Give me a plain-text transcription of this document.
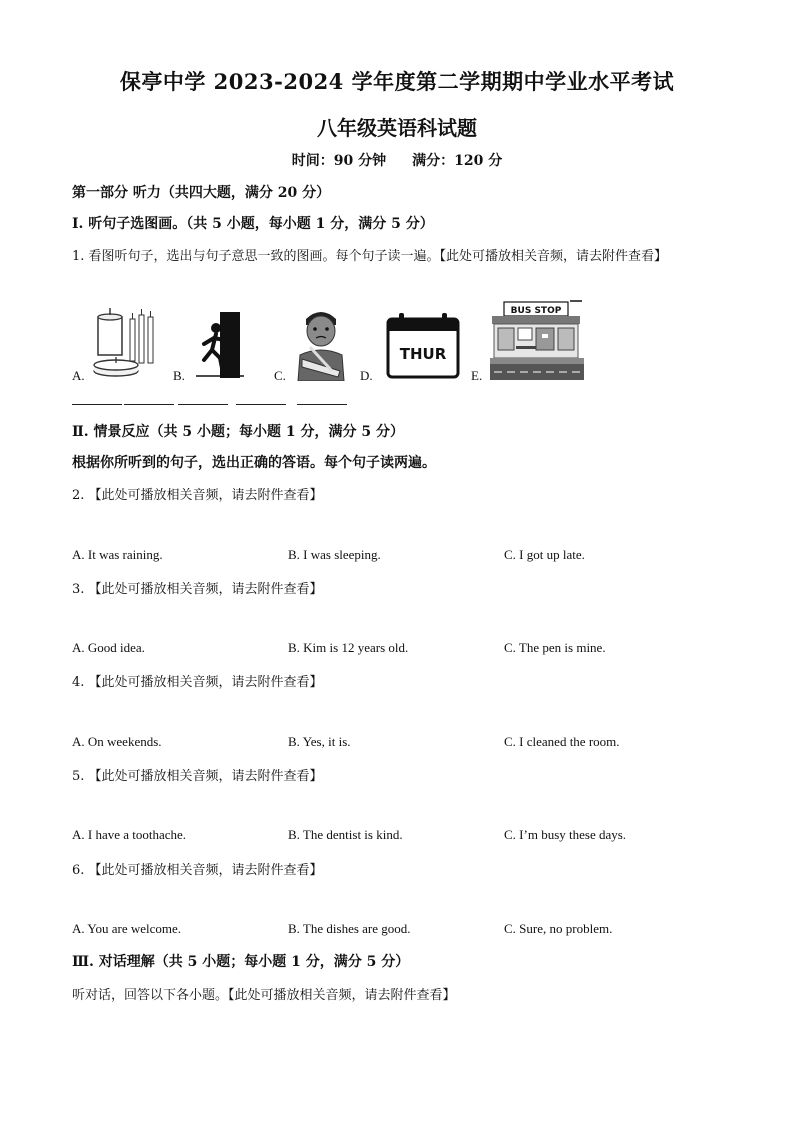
保亭中学 2023-2024 学年度第二学期期中学业水平考试
八年级英语科试题
时间：90 分钟 满分：120 分
第一部分 听力（共四大题，满分 20 分）
I. 听句子选图画。（共 5 小题，每小题 1 分，满分 5 分）
1. 看图听句子，选出与句子意思一致的图画。每个句子读一遍。【此处可播放相关音频，请去附件查看】
A.	B.	C.	D.
THUR
E.
BUS STOP
Ⅱ. 情景反应（共 5 小题；每小题 1 分，满分 5 分）
根据你所听到的句子，选出正确的答语。每个句子读两遍。
2. 【此处可播放相关音频，请去附件查看】
A. It was raining.	B. I was sleeping.	C. I got up late.
3. 【此处可播放相关音频，请去附件查看】
A. Good idea.	B. Kim is 12 years old.	C. The pen is mine.
4. 【此处可播放相关音频，请去附件查看】
A. On weekends.	B. Yes, it is.	C. I cleaned the room.
5. 【此处可播放相关音频，请去附件查看】
A. I have a toothache.	B. The dentist is kind.	C. I’m busy these days.
6. 【此处可播放相关音频，请去附件查看】
A. You are welcome.	B. The dishes are good.	C. Sure, no problem.
Ⅲ. 对话理解（共 5 小题；每小题 1 分，满分 5 分）
听对话，回答以下各小题。【此处可播放相关音频，请去附件查看】
